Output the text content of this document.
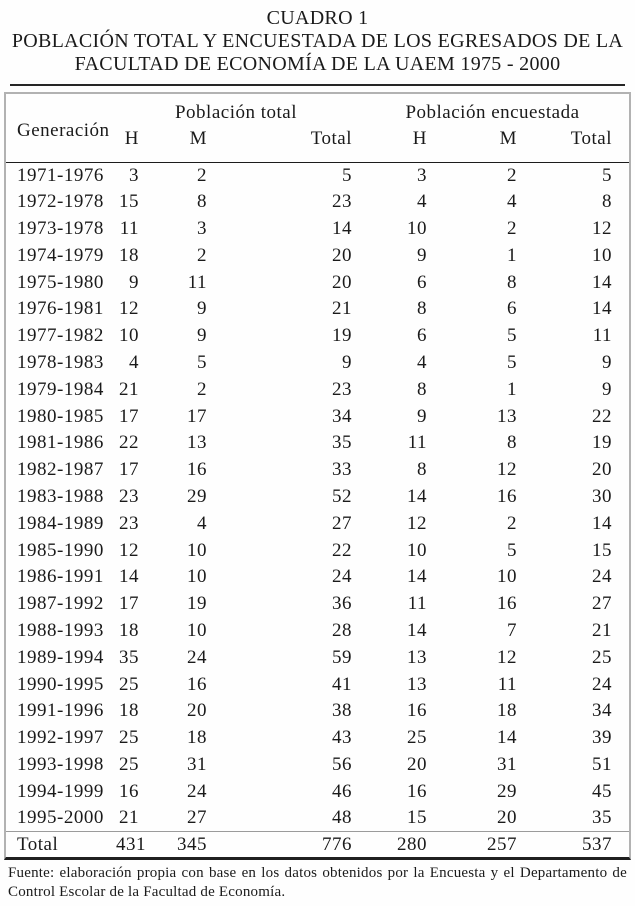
CUADRO 1
POBLACIÓN TOTAL Y ENCUESTADA DE LOS EGRESADOS DE LA
FACULTAD DE ECONOMÍA DE LA UAEM 1975 - 2000
Generación	Población total			Población encuestada		
	H	M	Total	H	M	Total
1971-1976	3	2	5	3	2	5
1972-1978	15	8	23	4	4	8
1973-1978	11	3	14	10	2	12
1974-1979	18	2	20	9	1	10
1975-1980	9	11	20	6	8	14
1976-1981	12	9	21	8	6	14
1977-1982	10	9	19	6	5	11
1978-1983	4	5	9	4	5	9
1979-1984	21	2	23	8	1	9
1980-1985	17	17	34	9	13	22
1981-1986	22	13	35	11	8	19
1982-1987	17	16	33	8	12	20
1983-1988	23	29	52	14	16	30
1984-1989	23	4	27	12	2	14
1985-1990	12	10	22	10	5	15
1986-1991	14	10	24	14	10	24
1987-1992	17	19	36	11	16	27
1988-1993	18	10	28	14	7	21
1989-1994	35	24	59	13	12	25
1990-1995	25	16	41	13	11	24
1991-1996	18	20	38	16	18	34
1992-1997	25	18	43	25	14	39
1993-1998	25	31	56	20	31	51
1994-1999	16	24	46	16	29	45
1995-2000	21	27	48	15	20	35
Total	431	345	776	280	257	537
Fuente: elaboración propia con base en los datos obtenidos por la Encuesta y el Departamento de
Control Escolar de la Facultad de Economía.
